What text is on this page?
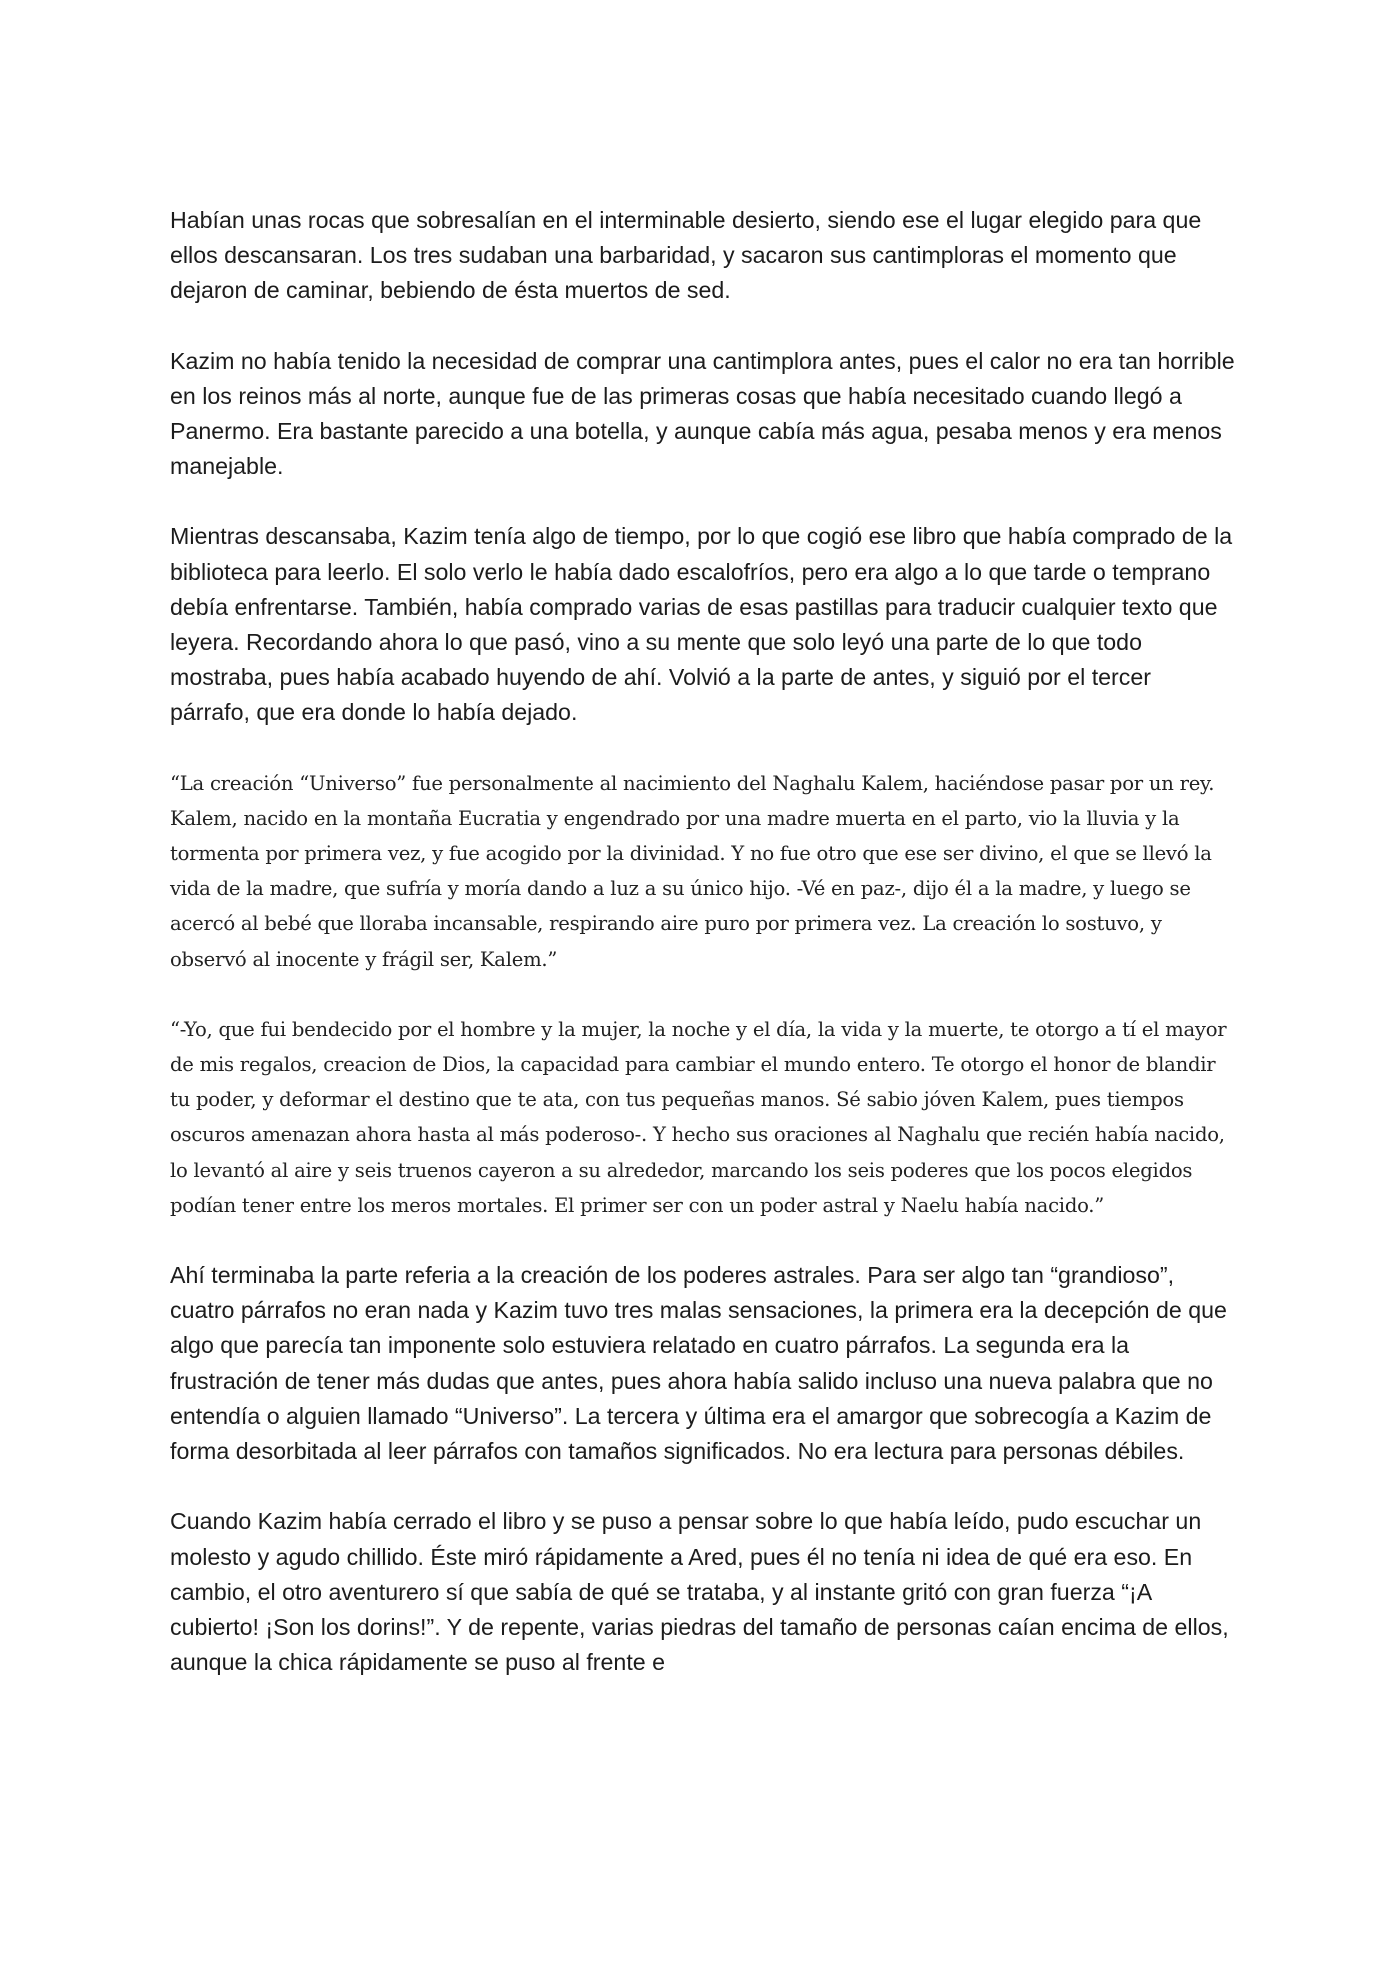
Habían unas rocas que sobresalían en el interminable desierto, siendo ese el lugar elegido para que ellos descansaran. Los tres sudaban una barbaridad, y sacaron sus cantimploras el momento que dejaron de caminar, bebiendo de ésta muertos de sed.

Kazim no había tenido la necesidad de comprar una cantimplora antes, pues el calor no era tan horrible en los reinos más al norte, aunque fue de las primeras cosas que había necesitado cuando llegó a Panermo. Era bastante parecido a una botella, y aunque cabía más agua, pesaba menos y era menos manejable.

Mientras descansaba, Kazim tenía algo de tiempo, por lo que cogió ese libro que había comprado de la biblioteca para leerlo. El solo verlo le había dado escalofríos, pero era algo a lo que tarde o temprano debía enfrentarse. También, había comprado varias de esas pastillas para traducir cualquier texto que leyera. Recordando ahora lo que pasó, vino a su mente que solo leyó una parte de lo que todo mostraba, pues había acabado huyendo de ahí. Volvió a la parte de antes, y siguió por el tercer párrafo, que era donde lo había dejado.

“La creación “Universo” fue personalmente al nacimiento del Naghalu Kalem, haciéndose pasar por un rey. Kalem, nacido en la montaña Eucratia y engendrado por una madre muerta en el parto, vio la lluvia y la tormenta por primera vez, y fue acogido por la divinidad. Y no fue otro que ese ser divino, el que se llevó la vida de la madre, que sufría y moría dando a luz a su único hijo. -Vé en paz-, dijo él a la madre, y luego se acercó al bebé que lloraba incansable, respirando aire puro por primera vez. La creación lo sostuvo, y observó al inocente y frágil ser, Kalem.”

“-Yo, que fui bendecido por el hombre y la mujer, la noche y el día, la vida y la muerte, te otorgo a tí el mayor de mis regalos, creacion de Dios, la capacidad para cambiar el mundo entero. Te otorgo el honor de blandir tu poder, y deformar el destino que te ata, con tus pequeñas manos. Sé sabio jóven Kalem, pues tiempos oscuros amenazan ahora hasta al más poderoso-. Y hecho sus oraciones al Naghalu que recién había nacido, lo levantó al aire y seis truenos cayeron a su alrededor, marcando los seis poderes que los pocos elegidos podían tener entre los meros mortales. El primer ser con un poder astral y Naelu había nacido.”

Ahí terminaba la parte referia a la creación de los poderes astrales. Para ser algo tan “grandioso”, cuatro párrafos no eran nada y Kazim tuvo tres malas sensaciones, la primera era la decepción de que algo que parecía tan imponente solo estuviera relatado en cuatro párrafos. La segunda era la frustración de tener más dudas que antes, pues ahora había salido incluso una nueva palabra que no entendía o alguien llamado “Universo”. La tercera y última era el amargor que sobrecogía a Kazim de forma desorbitada al leer párrafos con tamaños significados. No era lectura para personas débiles.

Cuando Kazim había cerrado el libro y se puso a pensar sobre lo que había leído, pudo escuchar un molesto y agudo chillido. Éste miró rápidamente a Ared, pues él no tenía ni idea de qué era eso. En cambio, el otro aventurero sí que sabía de qué se trataba, y al instante gritó con gran fuerza “¡A cubierto! ¡Son los dorins!”. Y de repente, varias piedras del tamaño de personas caían encima de ellos, aunque la chica rápidamente se puso al frente e
